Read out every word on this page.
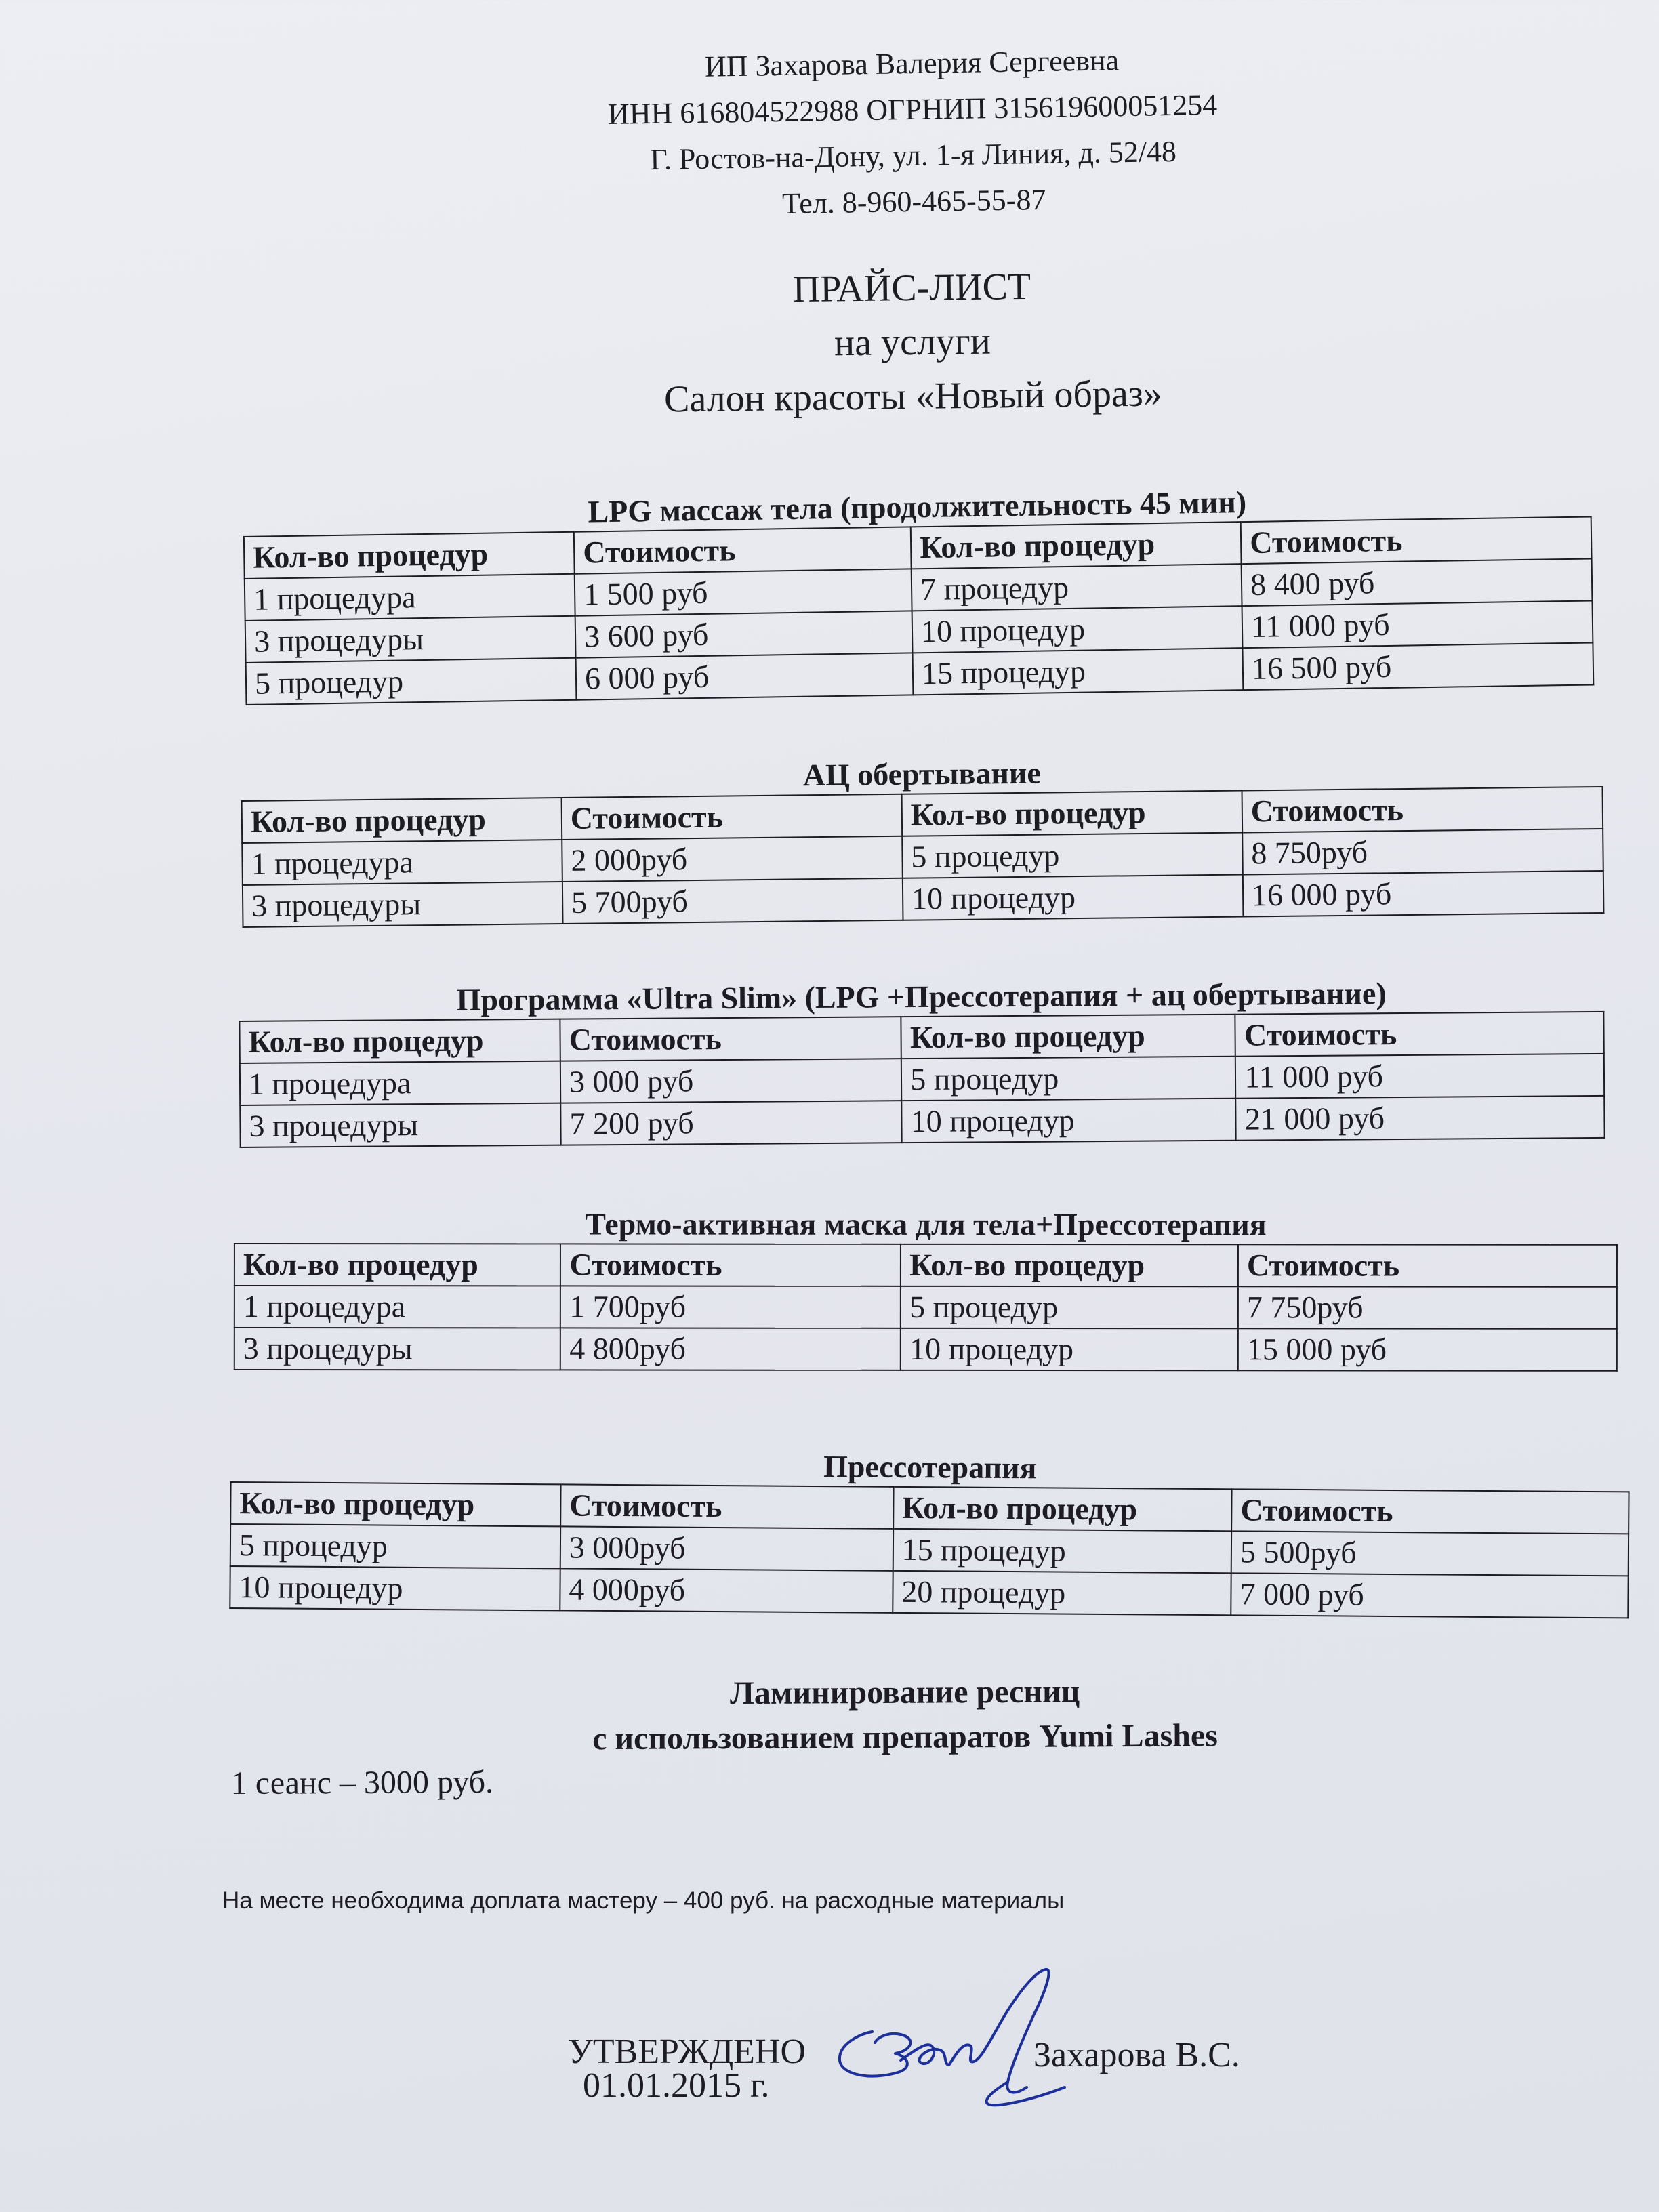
ИП Захарова Валерия Сергеевна
ИНН 616804522988 ОГРНИП 315619600051254
Г. Ростов-на-Дону, ул. 1-я Линия, д. 52/48
Тел. 8-960-465-55-87
ПРАЙС-ЛИСТ
на услуги
Салон красоты «Новый образ»
LPG массаж тела (продолжительность 45 мин)
Кол-во процедур	Стоимость	Кол-во процедур	Стоимость
1 процедура	1 500 руб	7 процедур	8 400 руб
3 процедуры	3 600 руб	10 процедур	11 000 руб
5 процедур	6 000 руб	15 процедур	16 500 руб
АЦ обертывание
Кол-во процедур	Стоимость	Кол-во процедур	Стоимость
1 процедура	2 000руб	5 процедур	8 750руб
3 процедуры	5 700руб	10 процедур	16 000 руб
Программа «Ultra Slim» (LPG +Прессотерапия + ац обертывание)
Кол-во процедур	Стоимость	Кол-во процедур	Стоимость
1 процедура	3 000 руб	5 процедур	11 000 руб
3 процедуры	7 200 руб	10 процедур	21 000 руб
Термо-активная маска для тела+Прессотерапия
Кол-во процедур	Стоимость	Кол-во процедур	Стоимость
1 процедура	1 700руб	5 процедур	7 750руб
3 процедуры	4 800руб	10 процедур	15 000 руб
Прессотерапия
Кол-во процедур	Стоимость	Кол-во процедур	Стоимость
5 процедур	3 000руб	15 процедур	5 500руб
10 процедур	4 000руб	20 процедур	7 000 руб
Ламинирование ресниц
с использованием препаратов Yumi Lashes
1 сеанс – 3000 руб.
На месте необходима доплата мастеру – 400 руб. на расходные материалы
УТВЕРЖДЕНО
01.01.2015 г.
Захарова В.С.
